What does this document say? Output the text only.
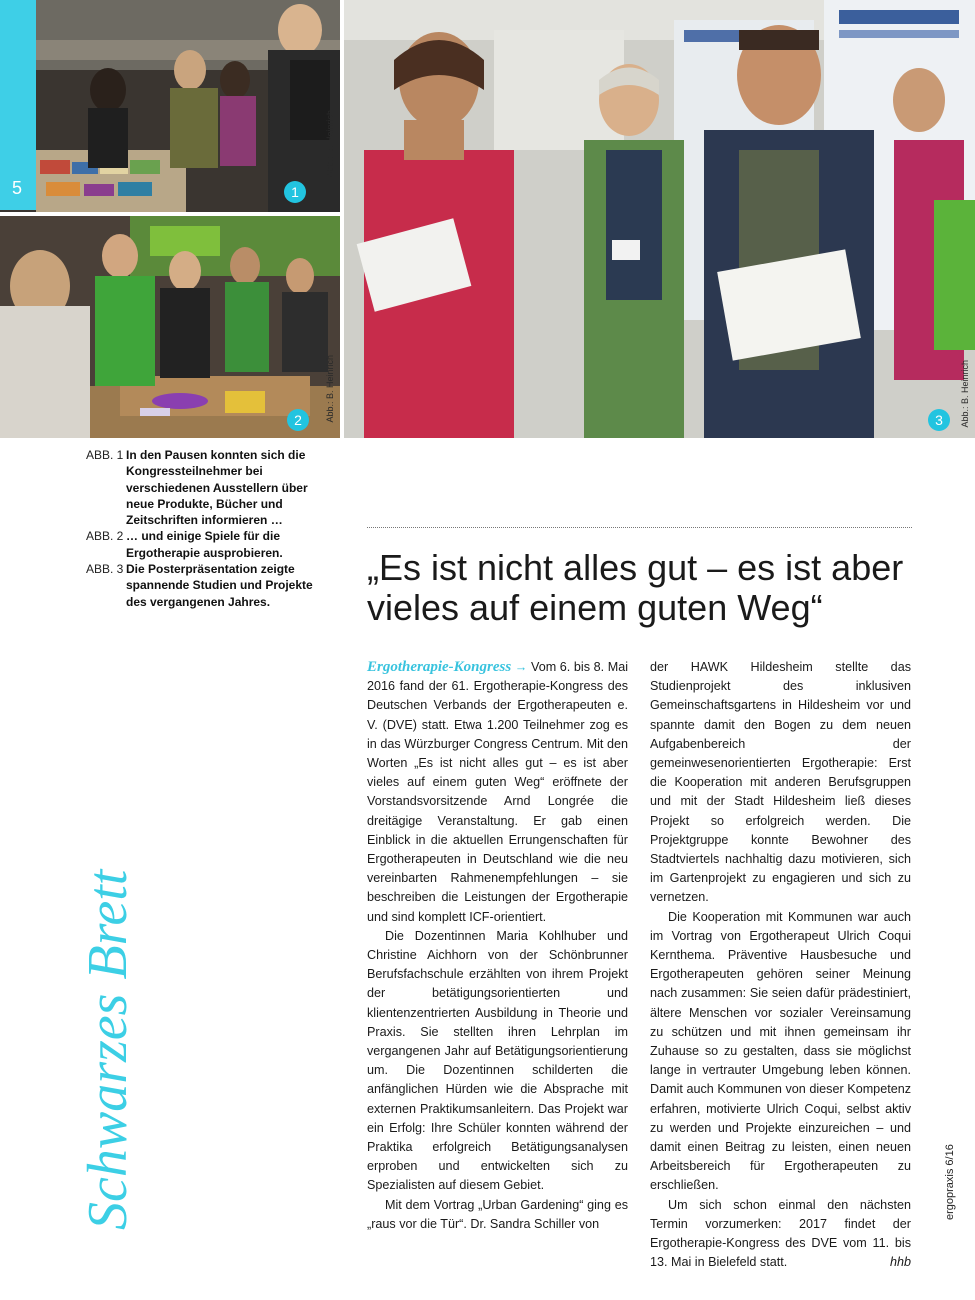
5	1
Abb.: B. Heinrich
2	Abb.: B. Heinrich	3	Abb.: B. Heinrich
ABB. 1 In den Pausen konnten sich die Kongressteilnehmer bei verschiedenen Ausstellern über neue Produkte, Bücher und Zeitschriften informieren …
ABB. 2 … und einige Spiele für die Ergotherapie ausprobieren.
ABB. 3 Die Posterpräsentation zeigte spannende Studien und Projekte des vergangenen Jahres.
Schwarzes Brett
„Es ist nicht alles gut – es ist aber vieles auf einem guten Weg“

Ergotherapie-Kongress → Vom 6. bis 8. Mai 2016 fand der 61. Ergotherapie-Kongress des Deutschen Verbands der Ergotherapeuten e. V. (DVE) statt. Etwa 1.200 Teilnehmer zog es in das Würzburger Congress Centrum. Mit den Worten „Es ist nicht alles gut – es ist aber vieles auf einem guten Weg“ eröffnete der Vorstandsvorsitzende Arnd Longrée die dreitägige Veranstaltung. Er gab einen Einblick in die aktuellen Errungenschaften für Ergotherapeuten in Deutschland wie die neu vereinbarten Rahmenempfehlungen – sie beschreiben die Leistungen der Ergotherapie und sind komplett ICF-orientiert.

Die Dozentinnen Maria Kohlhuber und Christine Aichhorn von der Schönbrunner Berufsfachschule erzählten von ihrem Projekt der betätigungsorientierten und klientenzentrierten Ausbildung in Theorie und Praxis. Sie stellten ihren Lehrplan im vergangenen Jahr auf Betätigungsorientierung um. Die Dozentinnen schilderten die anfänglichen Hürden wie die Absprache mit externen Praktikumsanleitern. Das Projekt war ein Erfolg: Ihre Schüler konnten während der Praktika erfolgreich Betätigungsanalysen erproben und entwickelten sich zu Spezialisten auf diesem Gebiet.

Mit dem Vortrag „Urban Gardening“ ging es „raus vor die Tür“. Dr. Sandra Schiller von

der HAWK Hildesheim stellte das Studienprojekt des inklusiven Gemeinschaftsgartens in Hildesheim vor und spannte damit den Bogen zu dem neuen Aufgabenbereich der gemeinwesenorientierten Ergotherapie: Erst die Kooperation mit anderen Berufsgruppen und mit der Stadt Hildesheim ließ dieses Projekt so erfolgreich werden. Die Projektgruppe konnte Bewohner des Stadtviertels nachhaltig dazu motivieren, sich im Gartenprojekt zu engagieren und sich zu vernetzen.

Die Kooperation mit Kommunen war auch im Vortrag von Ergotherapeut Ulrich Coqui Kernthema. Präventive Hausbesuche und Ergotherapeuten gehören seiner Meinung nach zusammen: Sie seien dafür prädestiniert, ältere Menschen vor sozialer Vereinsamung zu schützen und mit ihnen gemeinsam ihr Zuhause so zu gestalten, dass sie möglichst lange in vertrauter Umgebung leben können. Damit auch Kommunen von dieser Kompetenz erfahren, motivierte Ulrich Coqui, selbst aktiv zu werden und Projekte einzureichen – und damit einen Beitrag zu leisten, einen neuen Arbeitsbereich für Ergotherapeuten zu erschließen.

Um sich schon einmal den nächsten Termin vorzumerken: 2017 findet der Ergotherapie-Kongress des DVE vom 11. bis 13. Mai in Bielefeld statt.	hhb

ergopraxis 6/16
